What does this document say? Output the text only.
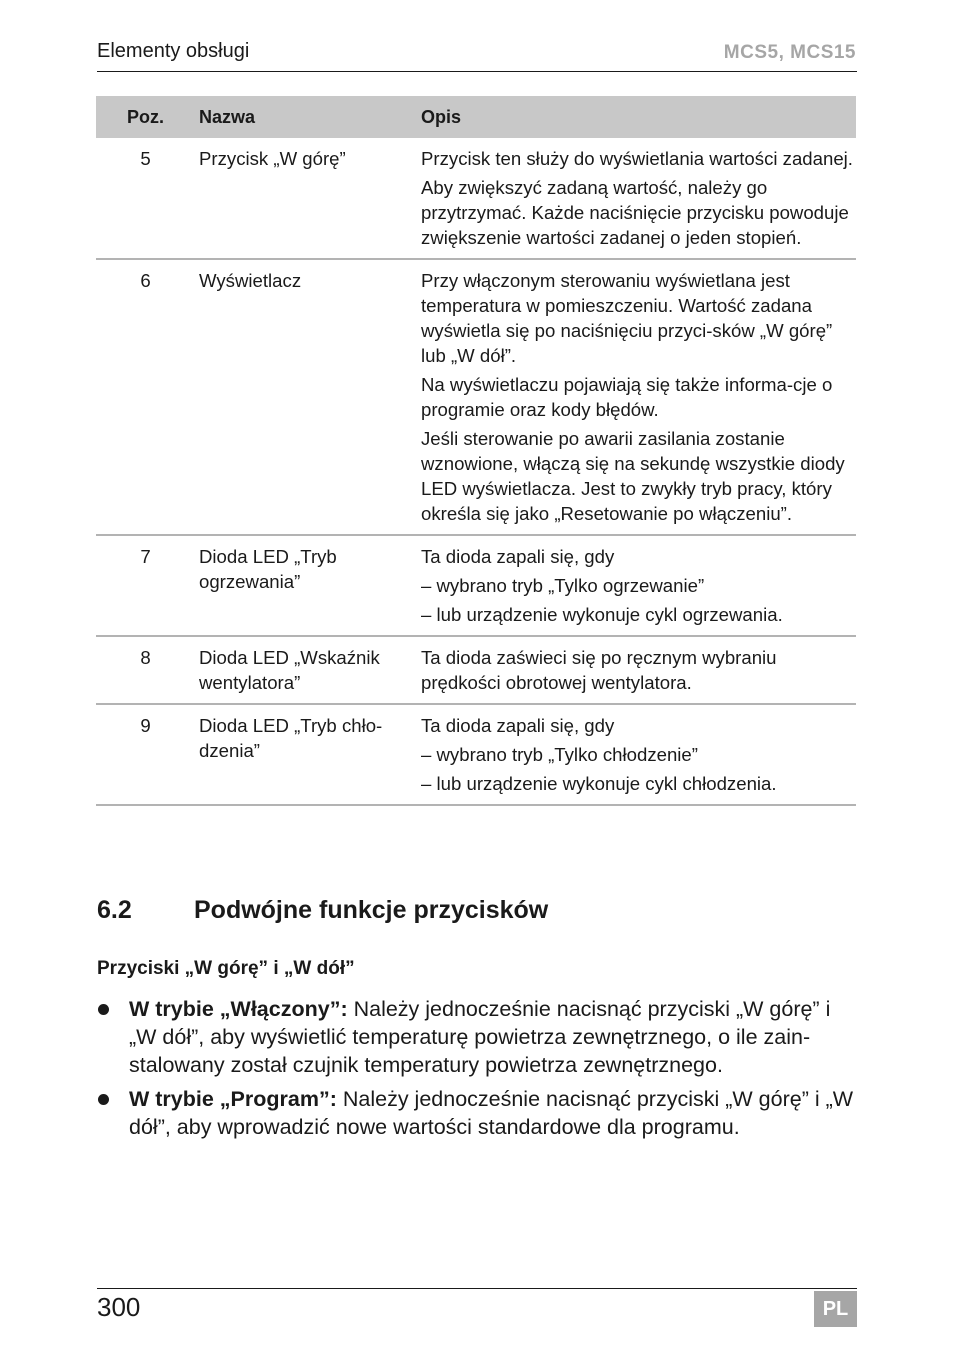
Elementy obsługi	MCS5, MCS15
Poz.	Nazwa	Opis

5	Przycisk „W górę”	Przycisk ten służy do wyświetlania wartości zadanej.

Aby zwiększyć zadaną wartość, należy go przytrzymać. Każde naciśnięcie przycisku powoduje zwiększenie wartości zadanej o jeden stopień.

6	Wyświetlacz	Przy włączonym sterowaniu wyświetlana jest temperatura w pomieszczeniu. Wartość zadana wyświetla się po naciśnięciu przyci-sków „W górę” lub „W dół”.

Na wyświetlaczu pojawiają się także informa-cje o programie oraz kody błędów.

Jeśli sterowanie po awarii zasilania zostanie wznowione, włączą się na sekundę wszystkie diody LED wyświetlacza. Jest to zwykły tryb pracy, który określa się jako „Resetowanie po włączeniu”.

7	Dioda LED „Tryb ogrzewania”	Ta dioda zapali się, gdy

– wybrano tryb „Tylko ogrzewanie”

– lub urządzenie wykonuje cykl ogrzewania.

8	Dioda LED „Wskaźnik wentylatora”	Ta dioda zaświeci się po ręcznym wybraniu prędkości obrotowej wentylatora.

9	Dioda LED „Tryb chło-dzenia”	Ta dioda zapali się, gdy

– wybrano tryb „Tylko chłodzenie”

– lub urządzenie wykonuje cykl chłodzenia.

6.2 Podwójne funkcje przycisków
Przyciski „W górę” i „W dół”
W trybie „Włączony”: Należy jednocześnie nacisnąć przyciski „W górę” i „W dół”, aby wyświetlić temperaturę powietrza zewnętrznego, o ile zain-stalowany został czujnik temperatury powietrza zewnętrznego.
W trybie „Program”: Należy jednocześnie nacisnąć przyciski „W górę” i „W dół”, aby wprowadzić nowe wartości standardowe dla programu.
300	PL
